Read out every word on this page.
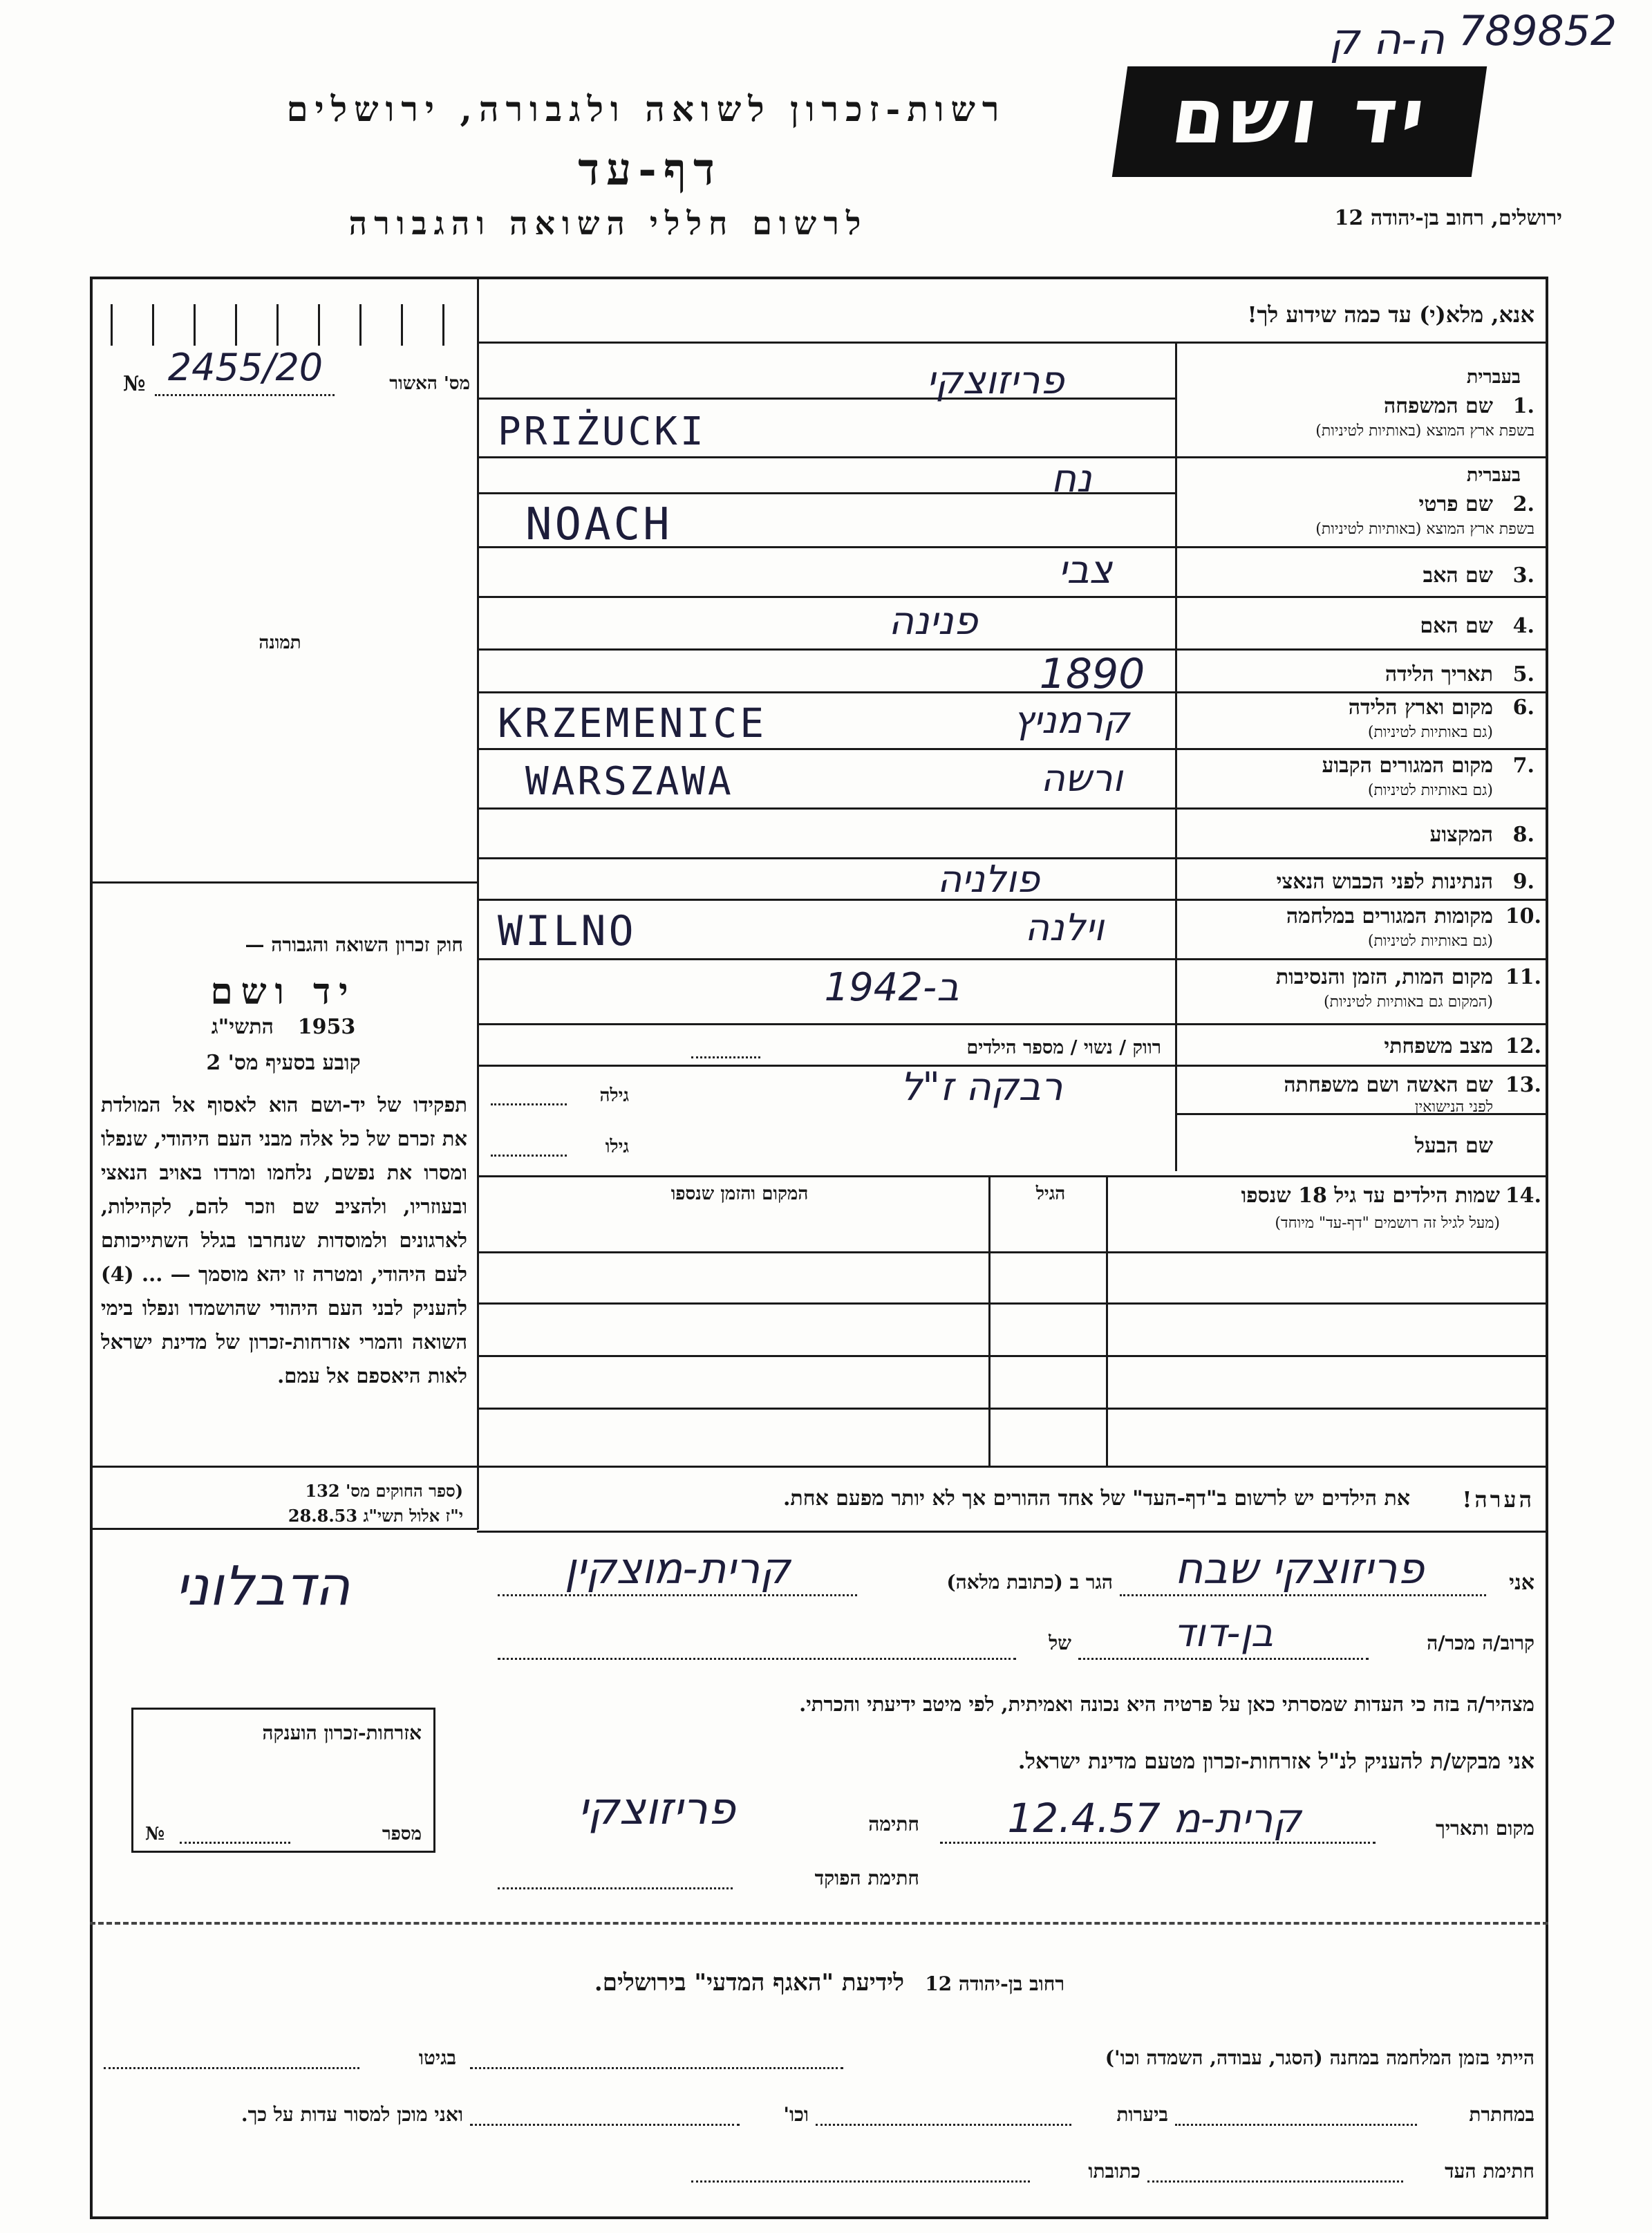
רשות-זכרון לשואה ולגבורה, ירושלים
דף-עד
לרשום חללי השואה והגבורה
יד ושם
ירושלים, רחוב בן-יהודה 12
ה-ה ק 789852
אנא, מלא(י) עד כמה שידוע לך!
מס' האשור
№ 2455/20
תמונה
חוק זכרון השואה והגבורה —
יד ושם
התשי"ג 1953
קובע בסעיף מס' 2
תפקידו של יד-ושם הוא לאסוף אל המולדת את זכרם של כל אלה מבני העם היהודי, שנפלו ומסרו את נפשם, נלחמו ומרדו באויב הנאצי ובעוזריו, ולהציב שם וזכר להם, לקהילות, לארגונים ולמוסדות שנחרבו בגלל השתייכותם לעם היהודי, ומטרה זו יהא מוסמך — ... (4) להעניק לבני העם היהודי שהושמדו ונפלו בימי השואה והמרי אזרחות-זכרון של מדינת ישראל לאות היאספם אל עמם.
(ספר החוקים מס' 132
י"ז אלול תשי"ג 28.8.53
בעברית
1.
שם המשפחה
בשפת ארץ המוצא (באותיות לטיניות)
פריזוצקי
PRIŻUCKI
בעברית
2.
שם פרטי
בשפת ארץ המוצא (באותיות לטיניות)
נח
NOACH
3.
שם האב
צבי
4.
שם האם
פנינה
5.
תאריך הלידה
1890
6.
מקום וארץ הלידה
(גם באותיות לטיניות)
קרמניץ
KRZEMENICE
7.
מקום המגורים הקבוע
(גם באותיות לטיניות)
ורשה
WARSZAWA
8.
המקצוע
9.
הנתינות לפני הכבוש הנאצי
פולניה
10.
מקומות המגורים במלחמה
(גם באותיות לטיניות)
וילנה
WILNO
11.
מקום המות, הזמן והנסיבות
(המקום גם באותיות לטיניות)
1942-ב
12.
מצב משפחתי
רווק / נשוי / מספר הילדים
13.
שם האשה ושם משפחתה
לפני הנישואין
רבקה ז"ל
גילה
שם הבעל
גילו
14.
שמות הילדים עד גיל 18 שנספו
(מעל לגיל זה רושמים "דף-עד" מיוחד)
הגיל
המקום והזמן שנספו
הערה!
את הילדים יש לרשום ב"דף-העד" של אחד ההורים אך לא יותר מפעם אחת.
אני
פריזוצקי שבח
הגר ב (כתובת מלאה)
קרית-מוצקין
קרוב/ה מכר/ה
בן-דוד
של
מצהיר/ה בזה כי העדות שמסרתי כאן על פרטיה היא נכונה ואמיתית, לפי מיטב ידיעתי והכרתי.
אני מבקש/ת להעניק לנ"ל אזרחות-זכרון מטעם מדינת ישראל.
מקום ותאריך
קרית-מ 12.4.57
חתימה
פריזוצקי
חתימת הפוקד
הדבלוני
אזרחות-זכרון הוענקה
מספר
№
לידיעת "האגף המדעי" בירושלים. רחוב בן-יהודה 12
הייתי בזמן המלחמה במחנה (הסגר, עבודה, השמדה וכו')
בגיטו
במחתרת
ביערות
וכו'
ואני מוכן למסור עדות על כך.
חתימת העד
כתובתו
